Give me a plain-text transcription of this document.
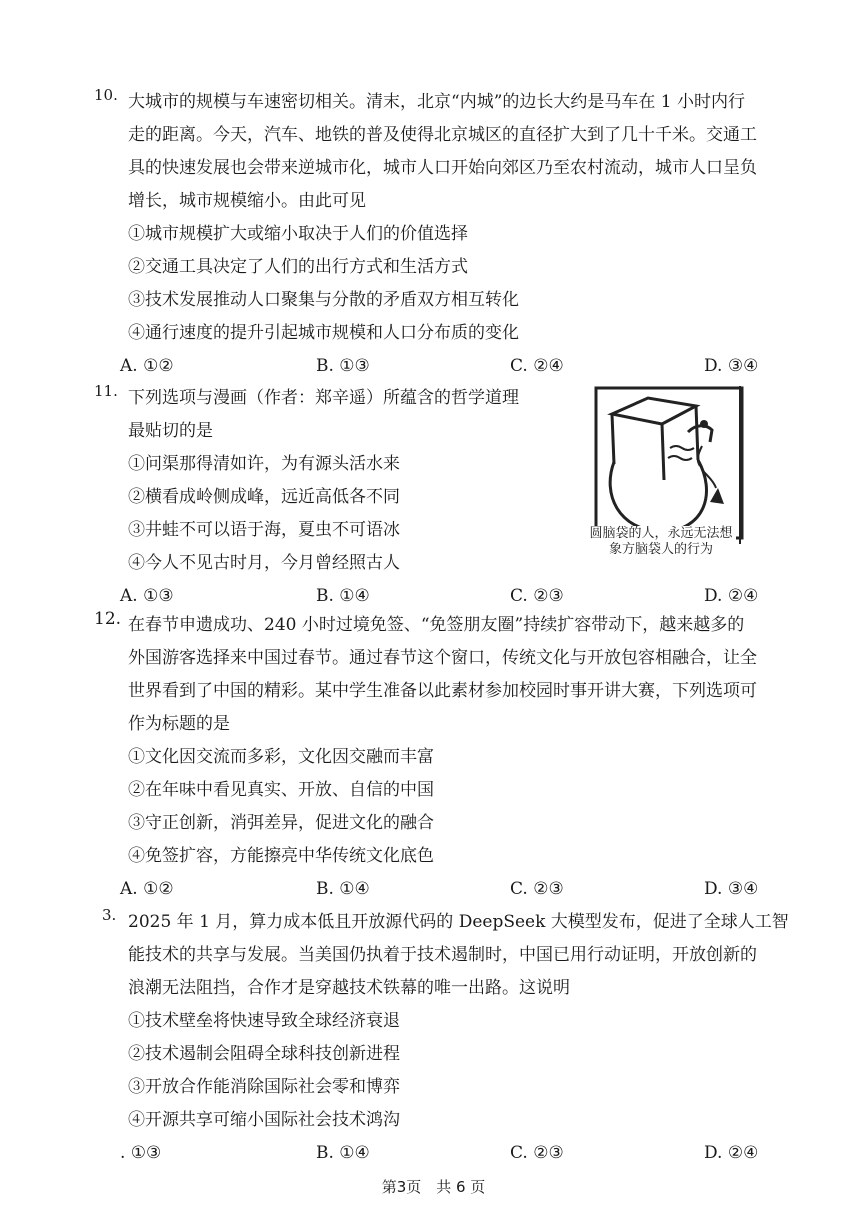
10. 大城市的规模与车速密切相关。清末，北京“内城”的边长大约是马车在 1 小时内行
走的距离。今天，汽车、地铁的普及使得北京城区的直径扩大到了几十千米。交通工
具的快速发展也会带来逆城市化，城市人口开始向郊区乃至农村流动，城市人口呈负
增长，城市规模缩小。由此可见
①城市规模扩大或缩小取决于人们的价值选择
②交通工具决定了人们的出行方式和生活方式
③技术发展推动人口聚集与分散的矛盾双方相互转化
④通行速度的提升引起城市规模和人口分布质的变化
A. ①②	B. ①③	C. ②④	D. ③④
11. 下列选项与漫画（作者：郑辛遥）所蕴含的哲学道理
最贴切的是
①问渠那得清如许，为有源头活水来
②横看成岭侧成峰，远近高低各不同
③井蛙不可以语于海，夏虫不可语冰
④今人不见古时月，今月曾经照古人
A. ①③	B. ①④	C. ②③	D. ②④
圆脑袋的人，永远无法想象方脑袋人的行为
12. 在春节申遗成功、240 小时过境免签、“免签朋友圈”持续扩容带动下，越来越多的
外国游客选择来中国过春节。通过春节这个窗口，传统文化与开放包容相融合，让全
世界看到了中国的精彩。某中学生准备以此素材参加校园时事开讲大赛，下列选项可
作为标题的是
①文化因交流而多彩，文化因交融而丰富
②在年味中看见真实、开放、自信的中国
③守正创新，消弭差异，促进文化的融合
④免签扩容，方能擦亮中华传统文化底色
A. ①②	B. ①④	C. ②③	D. ③④
3. 2025 年 1 月，算力成本低且开放源代码的 DeepSeek 大模型发布，促进了全球人工智
能技术的共享与发展。当美国仍执着于技术遏制时，中国已用行动证明，开放创新的
浪潮无法阻挡，合作才是穿越技术铁幕的唯一出路。这说明
①技术壁垒将快速导致全球经济衰退
②技术遏制会阻碍全球科技创新进程
③开放合作能消除国际社会零和博弈
④开源共享可缩小国际社会技术鸿沟
. ①③	B. ①④	C. ②③	D. ②④
第3页　共 6 页
